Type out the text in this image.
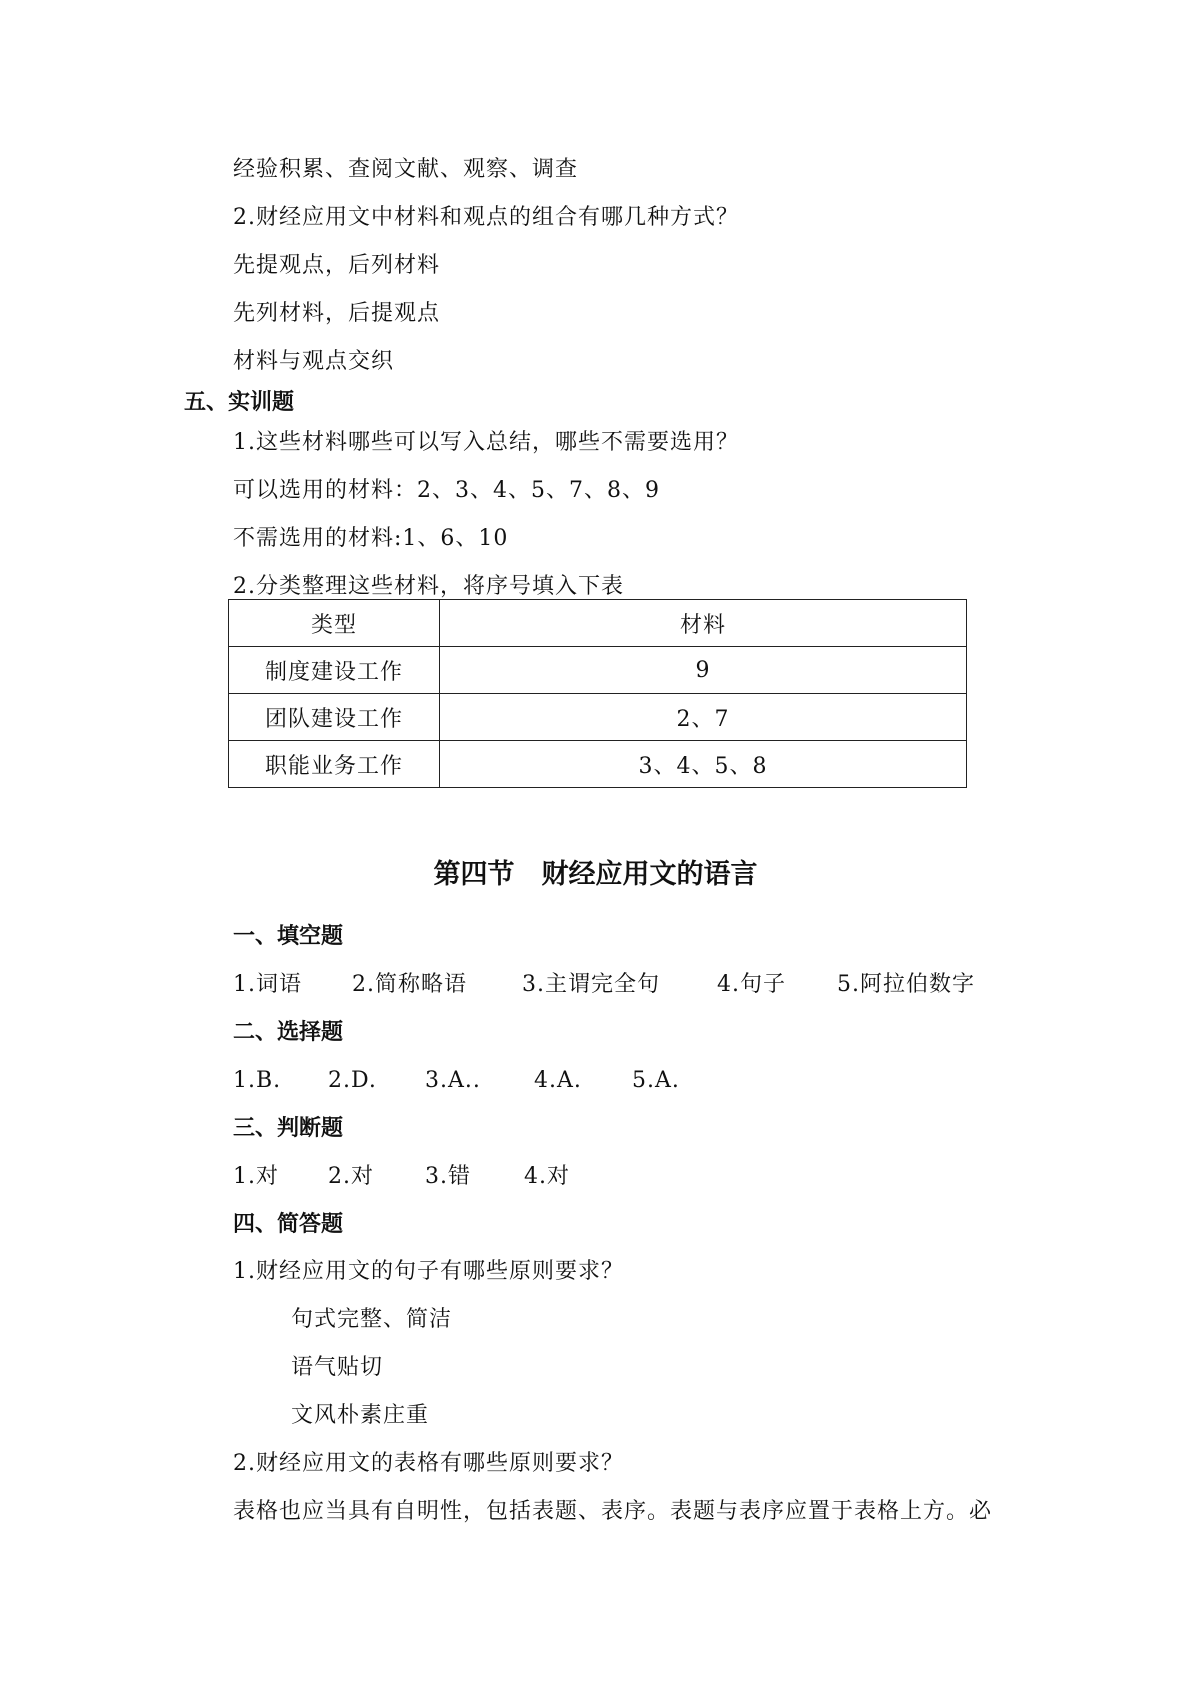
经验积累、查阅文献、观察、调查
2.财经应用文中材料和观点的组合有哪几种方式？
先提观点，后列材料
先列材料，后提观点
材料与观点交织
五、实训题
1.这些材料哪些可以写入总结，哪些不需要选用？
可以选用的材料：2、3、4、5、7、8、9
不需选用的材料:1、6、10
2.分类整理这些材料，将序号填入下表
类型	材料
制度建设工作	9
团队建设工作	2、7
职能业务工作	3、4、5、8
第四节　财经应用文的语言
一、填空题
1.词语 2.简称略语	3.主谓完全句	4.句子 5.阿拉伯数字
二、选择题
1.B. 2.D. 3.A.. 4.A. 5.A.
三、判断题
1.对 2.对 3.错 4.对
四、简答题
1.财经应用文的句子有哪些原则要求？
句式完整、简洁
语气贴切
文风朴素庄重
2.财经应用文的表格有哪些原则要求？
表格也应当具有自明性，包括表题、表序。表题与表序应置于表格上方。必
